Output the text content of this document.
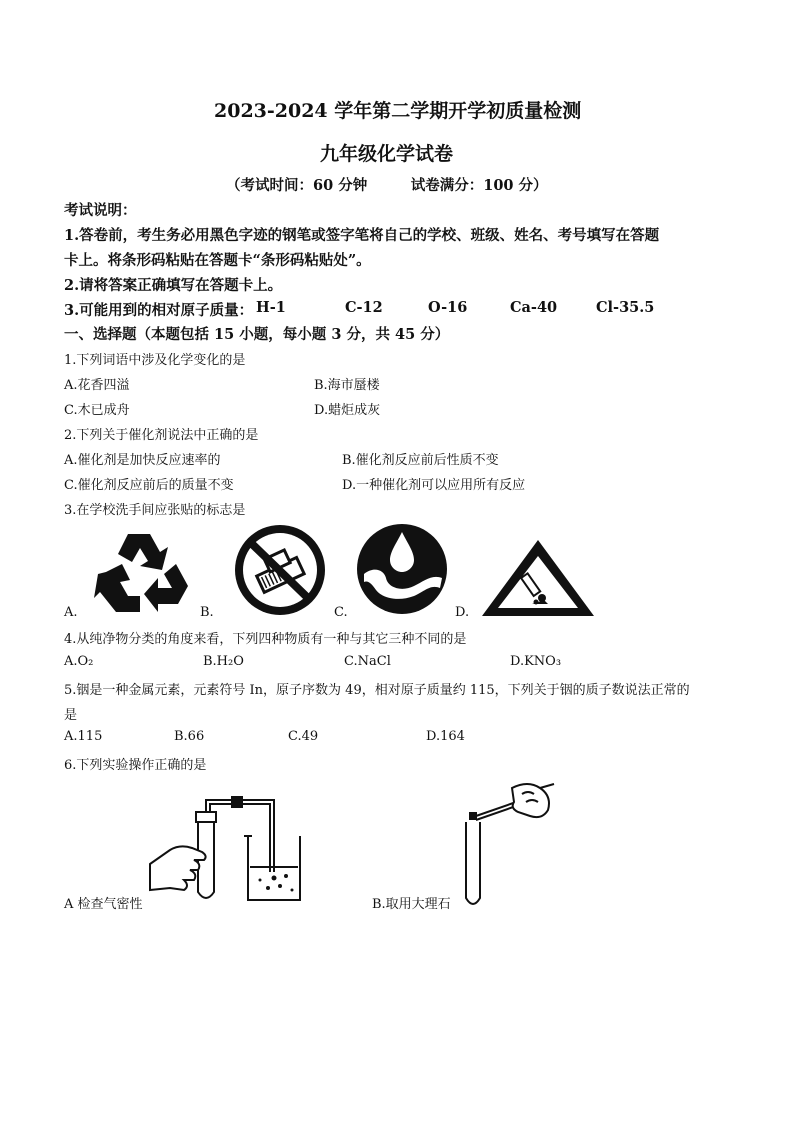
2023-2024 学年第二学期开学初质量检测
九年级化学试卷
（考试时间：60 分钟　　　试卷满分：100 分）
考试说明：
1.答卷前，考生务必用黑色字迹的钢笔或签字笔将自己的学校、班级、姓名、考号填写在答题
卡上。将条形码粘贴在答题卡“条形码粘贴处”。
2.请将答案正确填写在答题卡上。
3.可能用到的相对原子质量： H-1	C-12	O-16	Ca-40	Cl-35.5
一、选择题（本题包括 15 小题，每小题 3 分，共 45 分）
1.下列词语中涉及化学变化的是
A.花香四溢	B.海市蜃楼
C.木已成舟	D.蜡炬成灰
2.下列关于催化剂说法中正确的是
A.催化剂是加快反应速率的	B.催化剂反应前后性质不变
C.催化剂反应前后的质量不变	D.一种催化剂可以应用所有反应
3.在学校洗手间应张贴的标志是
A.	B.	C.	D.
4.从纯净物分类的角度来看，下列四种物质有一种与其它三种不同的是
A.O₂	B.H₂O	C.NaCl	D.KNO₃
5.铟是一种金属元素，元素符号 In，原子序数为 49，相对原子质量约 115，下列关于铟的质子数说法正常的
是
A.115	B.66	C.49	D.164
6.下列实验操作正确的是
A 检查气密性	B.取用大理石
